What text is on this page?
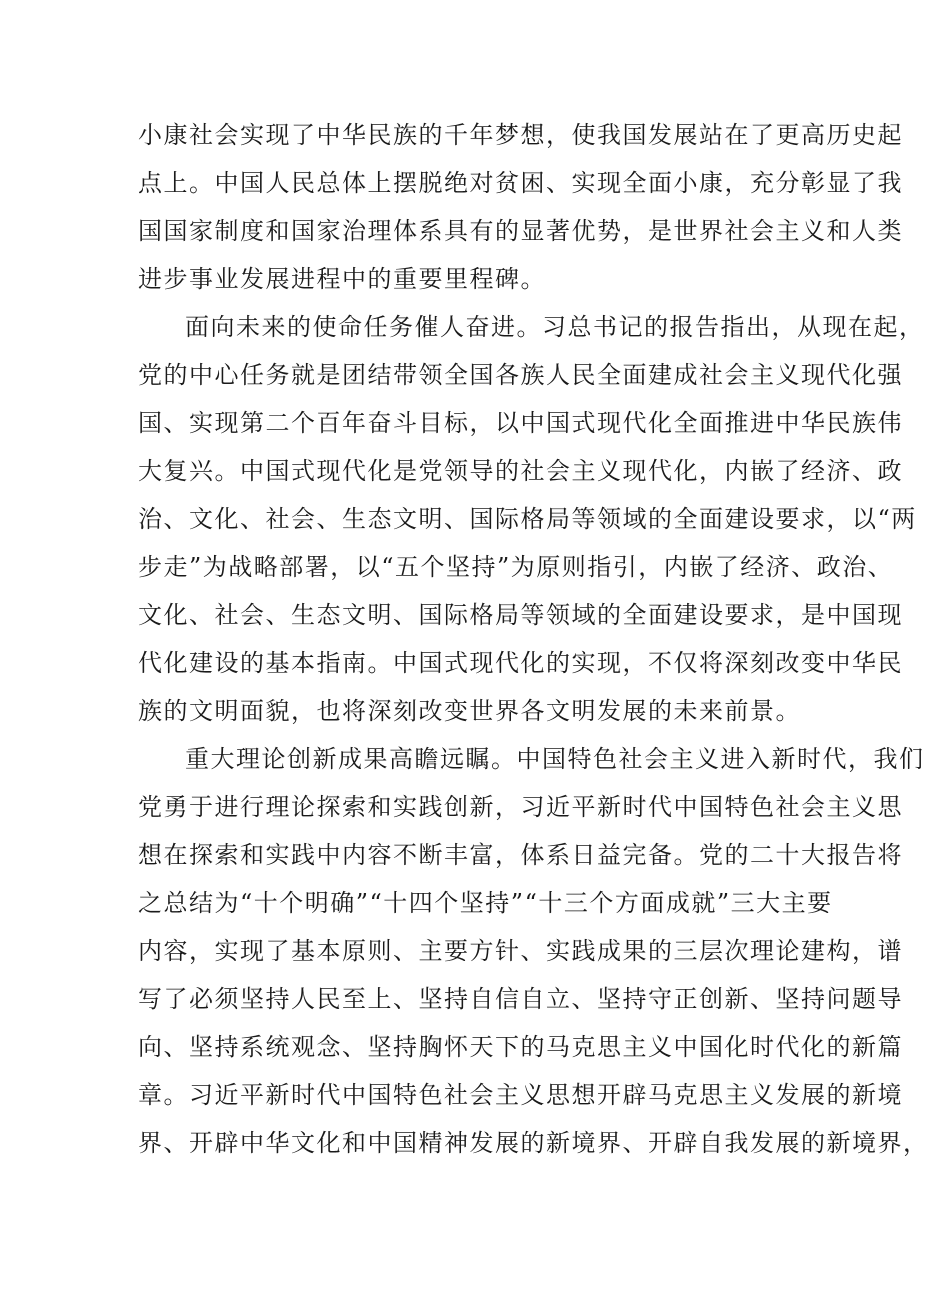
小康社会实现了中华民族的千年梦想，使我国发展站在了更高历史起
点上。中国人民总体上摆脱绝对贫困、实现全面小康，充分彰显了我
国国家制度和国家治理体系具有的显著优势，是世界社会主义和人类
进步事业发展进程中的重要里程碑。
面向未来的使命任务催人奋进。习总书记的报告指出，从现在起，
党的中心任务就是团结带领全国各族人民全面建成社会主义现代化强
国、实现第二个百年奋斗目标，以中国式现代化全面推进中华民族伟
大复兴。中国式现代化是党领导的社会主义现代化，内嵌了经济、政
治、文化、社会、生态文明、国际格局等领域的全面建设要求，以“两
步走”为战略部署，以“五个坚持”为原则指引，内嵌了经济、政治、
文化、社会、生态文明、国际格局等领域的全面建设要求，是中国现
代化建设的基本指南。中国式现代化的实现，不仅将深刻改变中华民
族的文明面貌，也将深刻改变世界各文明发展的未来前景。
重大理论创新成果高瞻远瞩。中国特色社会主义进入新时代，我们
党勇于进行理论探索和实践创新，习近平新时代中国特色社会主义思
想在探索和实践中内容不断丰富，体系日益完备。党的二十大报告将
之总结为“十个明确”“十四个坚持”“十三个方面成就”三大主要
内容，实现了基本原则、主要方针、实践成果的三层次理论建构，谱
写了必须坚持人民至上、坚持自信自立、坚持守正创新、坚持问题导
向、坚持系统观念、坚持胸怀天下的马克思主义中国化时代化的新篇
章。习近平新时代中国特色社会主义思想开辟马克思主义发展的新境
界、开辟中华文化和中国精神发展的新境界、开辟自我发展的新境界，
